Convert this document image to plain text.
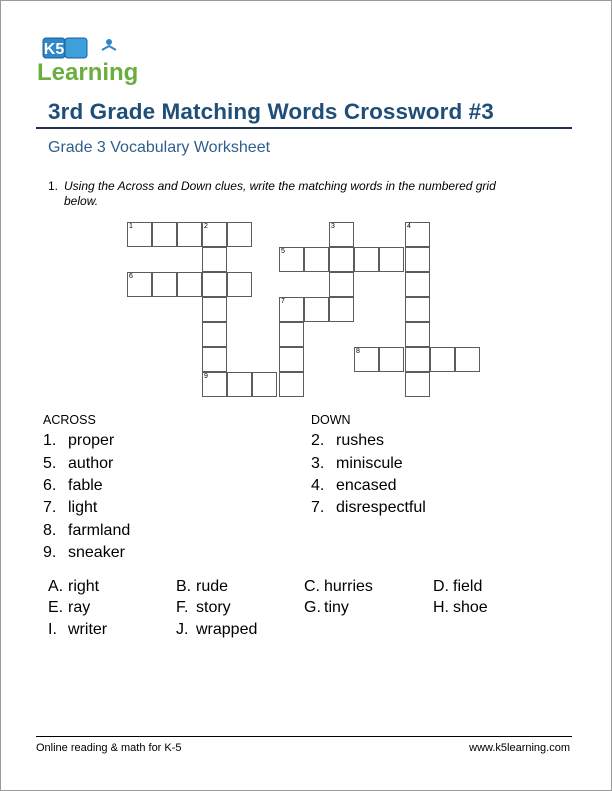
K5
Learning
3rd Grade Matching Words Crossword #3
Grade 3 Vocabulary Worksheet
1. Using the Across and Down clues, write the matching words in the numbered grid below.
1	2	3	4
5
6
7
8
9
ACROSS
1. proper
5. author
6. fable
7. light
8. farmland
9. sneaker
DOWN
2. rushes
3. miniscule
4. encased
7. disrespectful
A. right	B. rude	C. hurries	D. field
E. ray	F. story	G. tiny	H. shoe
I. writer	J. wrapped
Online reading & math for K-5	www.k5learning.com
